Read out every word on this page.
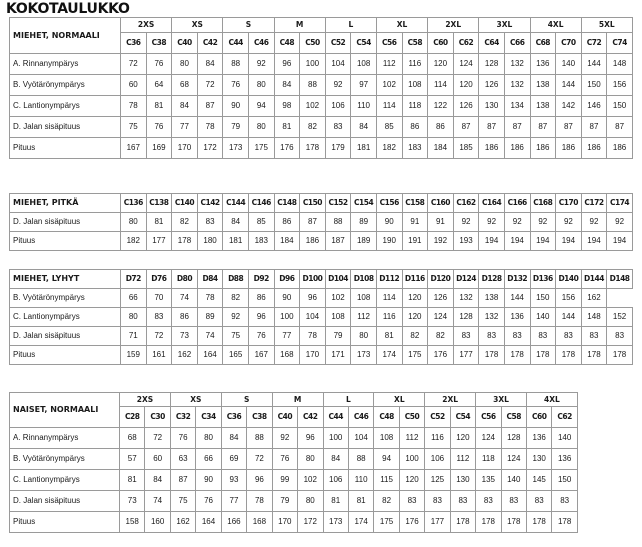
KOKOTAULUKKO
MIEHET, NORMAALI	2XS		XS		S		M		L		XL		2XL		3XL		4XL		5XL	
	C36	C38	C40	C42	C44	C46	C48	C50	C52	C54	C56	C58	C60	C62	C64	C66	C68	C70	C72	C74
A. Rinnanympärys	72	76	80	84	88	92	96	100	104	108	112	116	120	124	128	132	136	140	144	148
B. Vyötärönympärys	60	64	68	72	76	80	84	88	92	97	102	108	114	120	126	132	138	144	150	156
C. Lantionympärys	78	81	84	87	90	94	98	102	106	110	114	118	122	126	130	134	138	142	146	150
D. Jalan sisäpituus	75	76	77	78	79	80	81	82	83	84	85	86	86	87	87	87	87	87	87	87
Pituus	167	169	170	172	173	175	176	178	179	181	182	183	184	185	186	186	186	186	186	186
MIEHET, PITKÄ	C136	C138	C140	C142	C144	C146	C148	C150	C152	C154	C156	C158	C160	C162	C164	C166	C168	C170	C172	C174
D. Jalan sisäpituus	80	81	82	83	84	85	86	87	88	89	90	91	91	92	92	92	92	92	92	92
Pituus	182	177	178	180	181	183	184	186	187	189	190	191	192	193	194	194	194	194	194	194
MIEHET, LYHYT	D72	D76	D80	D84	D88	D92	D96	D100	D104	D108	D112	D116	D120	D124	D128	D132	D136	D140	D144	D148
B. Vyötärönympärys	66	70	74	78	82	86	90	96	102	108	114	120	126	132	138	144	150	156	162	
C. Lantionympärys	80	83	86	89	92	96	100	104	108	112	116	120	124	128	132	136	140	144	148	152
D. Jalan sisäpituus	71	72	73	74	75	76	77	78	79	80	81	82	82	83	83	83	83	83	83	83
Pituus	159	161	162	164	165	167	168	170	171	173	174	175	176	177	178	178	178	178	178	178
NAISET, NORMAALI	2XS		XS		S		M		L		XL		2XL		3XL		4XL		
	C28	C30	C32	C34	C36	C38	C40	C42	C44	C46	C48	C50	C52	C54	C56	C58	C60	C62	
A. Rinnanympärys	68	72	76	80	84	88	92	96	100	104	108	112	116	120	124	128	136	140		
B. Vyötärönympärys	57	60	63	66	69	72	76	80	84	88	94	100	106	112	118	124	130	136	
C. Lantionympärys	81	84	87	90	93	96	99	102	106	110	115	120	125	130	135	140	145	150	
D. Jalan sisäpituus	73	74	75	76	77	78	79	80	81	81	82	83	83	83	83	83	83	83	
Pituus	158	160	162	164	166	168	170	172	173	174	175	176	177	178	178	178	178	178	
